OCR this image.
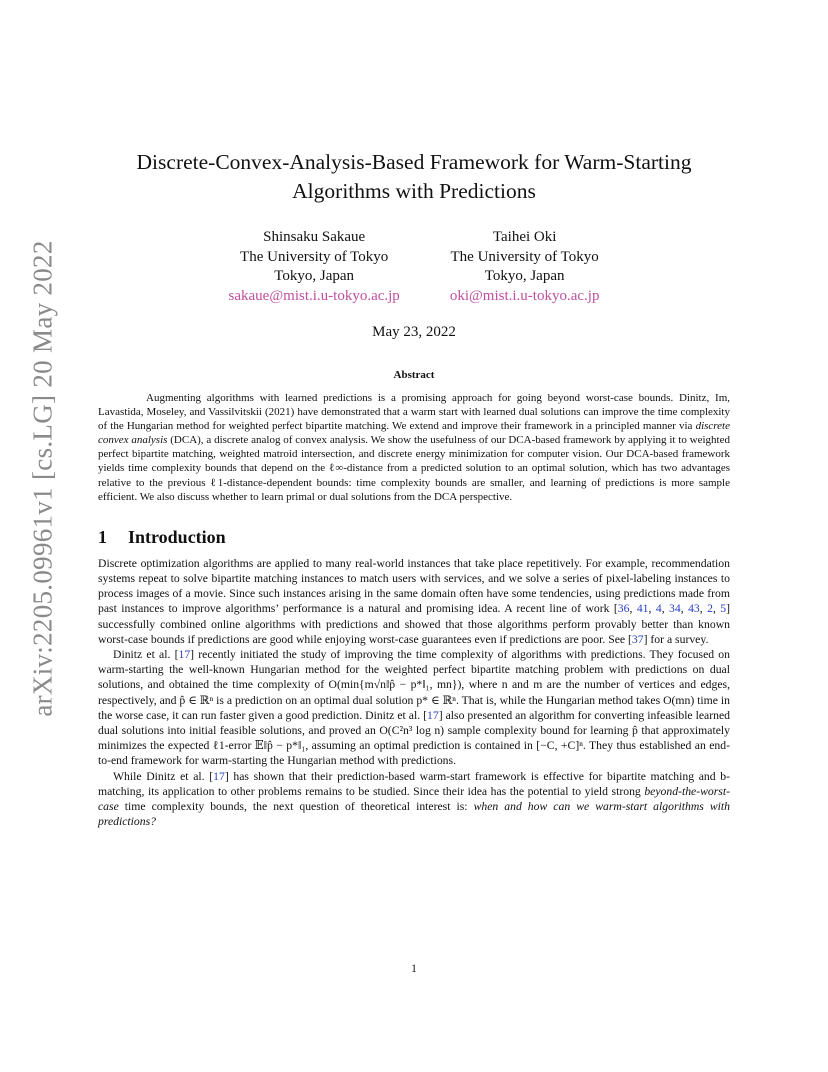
arXiv:2205.09961v1 [cs.LG] 20 May 2022
Discrete-Convex-Analysis-Based Framework for Warm-Starting Algorithms with Predictions
Shinsaku Sakaue
The University of Tokyo
Tokyo, Japan
sakaue@mist.i.u-tokyo.ac.jp
Taihei Oki
The University of Tokyo
Tokyo, Japan
oki@mist.i.u-tokyo.ac.jp
May 23, 2022
Abstract

Augmenting algorithms with learned predictions is a promising approach for going beyond worst-case bounds. Dinitz, Im, Lavastida, Moseley, and Vassilvitskii (2021) have demonstrated that a warm start with learned dual solutions can improve the time complexity of the Hungarian method for weighted perfect bipartite matching. We extend and improve their framework in a principled manner via discrete convex analysis (DCA), a discrete analog of convex analysis. We show the usefulness of our DCA-based framework by applying it to weighted perfect bipartite matching, weighted matroid intersection, and discrete energy minimization for computer vision. Our DCA-based framework yields time complexity bounds that depend on the ℓ∞-distance from a predicted solution to an optimal solution, which has two advantages relative to the previous ℓ1-distance-dependent bounds: time complexity bounds are smaller, and learning of predictions is more sample efficient. We also discuss whether to learn primal or dual solutions from the DCA perspective.

1 Introduction

Discrete optimization algorithms are applied to many real-world instances that take place repetitively. For example, recommendation systems repeat to solve bipartite matching instances to match users with services, and we solve a series of pixel-labeling instances to process images of a movie. Since such instances arising in the same domain often have some tendencies, using predictions made from past instances to improve algorithms’ performance is a natural and promising idea. A recent line of work [36, 41, 4, 34, 43, 2, 5] successfully combined online algorithms with predictions and showed that those algorithms perform provably better than known worst-case bounds if predictions are good while enjoying worst-case guarantees even if predictions are poor. See [37] for a survey.

Dinitz et al. [17] recently initiated the study of improving the time complexity of algorithms with predictions. They focused on warm-starting the well-known Hungarian method for the weighted perfect bipartite matching problem with predictions on dual solutions, and obtained the time complexity of O(min{m√n‖p̂ − p*‖₁, mn}), where n and m are the number of vertices and edges, respectively, and p̂ ∈ ℝⁿ is a prediction on an optimal dual solution p* ∈ ℝⁿ. That is, while the Hungarian method takes O(mn) time in the worse case, it can run faster given a good prediction. Dinitz et al. [17] also presented an algorithm for converting infeasible learned dual solutions into initial feasible solutions, and proved an O(C²n³ log n) sample complexity bound for learning p̂ that approximately minimizes the expected ℓ1-error 𝔼‖p̂ − p*‖₁, assuming an optimal prediction is contained in [−C, +C]ⁿ. They thus established an end-to-end framework for warm-starting the Hungarian method with predictions.

While Dinitz et al. [17] has shown that their prediction-based warm-start framework is effective for bipartite matching and b-matching, its application to other problems remains to be studied. Since their idea has the potential to yield strong beyond-the-worst-case time complexity bounds, the next question of theoretical interest is: when and how can we warm-start algorithms with predictions?

1
